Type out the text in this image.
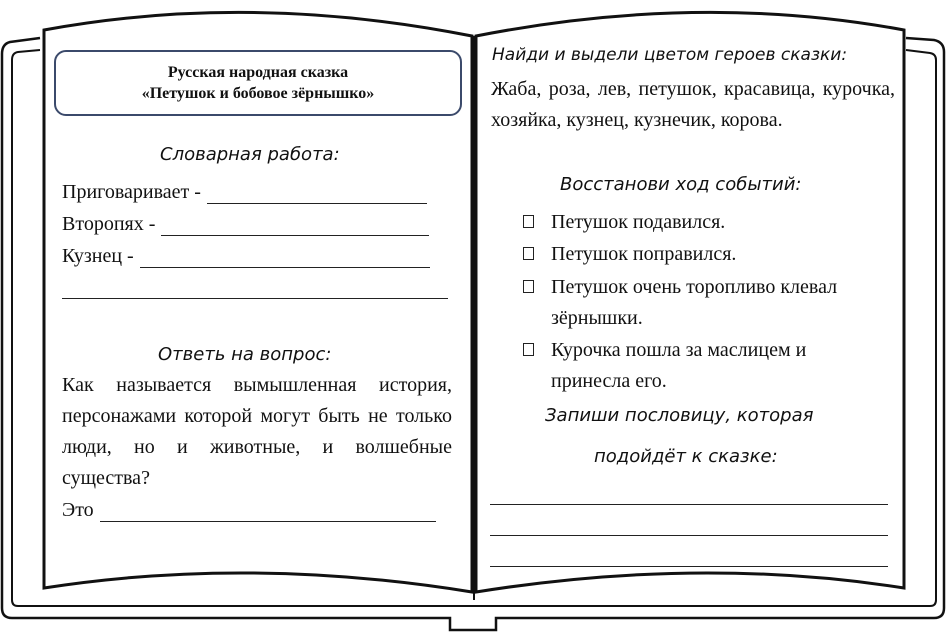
Русская народная сказка
«Петушок и бобовое зёрнышко»
Словарная работа:
Приговаривает -
Второпях -
Кузнец -
Ответь на вопрос:
Как называется вымышленная история, персонажами которой могут быть не только люди, но и животные, и волшебные существа?
Это
Найди и выдели цветом героев сказки:
Жаба, роза, лев, петушок, красавица, курочка, хозяйка, кузнец, кузнечик, корова.
Восстанови ход событий:
Петушок подавился.
Петушок поправился.
Петушок очень торопливо клевал
зёрнышки.
Курочка пошла за маслицем и
принесла его.
Запиши пословицу, которая
подойдёт к сказке:
